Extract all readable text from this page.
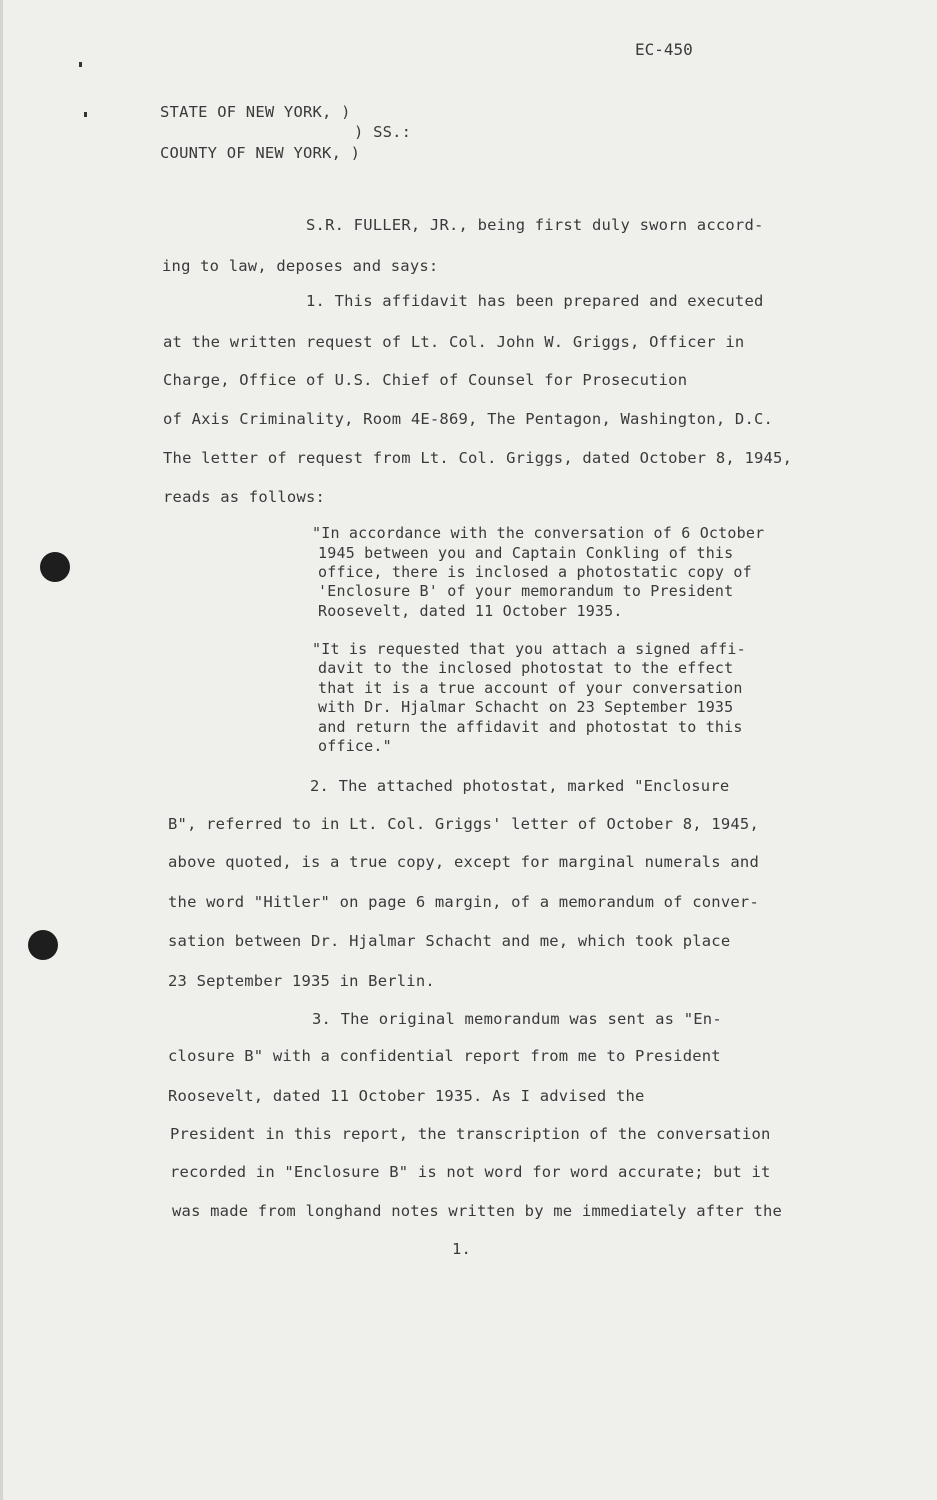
EC-450
STATE OF NEW YORK, )
) SS.:
COUNTY OF NEW YORK, )
S.R. FULLER, JR., being first duly sworn accord-
ing to law, deposes and says:
1. This affidavit has been prepared and executed
at the written request of Lt. Col. John W. Griggs, Officer in
Charge, Office of U.S. Chief of Counsel for Prosecution
of Axis Criminality, Room 4E-869, The Pentagon, Washington, D.C.
The letter of request from Lt. Col. Griggs, dated October 8, 1945,
reads as follows:
"In accordance with the conversation of 6 October
1945 between you and Captain Conkling of this
office, there is inclosed a photostatic copy of
'Enclosure B' of your memorandum to President
Roosevelt, dated 11 October 1935.
"It is requested that you attach a signed affi-
davit to the inclosed photostat to the effect
that it is a true account of your conversation
with Dr. Hjalmar Schacht on 23 September 1935
and return the affidavit and photostat to this
office."
2. The attached photostat, marked "Enclosure
B", referred to in Lt. Col. Griggs' letter of October 8, 1945,
above quoted, is a true copy, except for marginal numerals and
the word "Hitler" on page 6 margin, of a memorandum of conver-
sation between Dr. Hjalmar Schacht and me, which took place
23 September 1935 in Berlin.
3. The original memorandum was sent as "En-
closure B" with a confidential report from me to President
Roosevelt, dated 11 October 1935. As I advised the
President in this report, the transcription of the conversation
recorded in "Enclosure B" is not word for word accurate; but it
was made from longhand notes written by me immediately after the
1.
